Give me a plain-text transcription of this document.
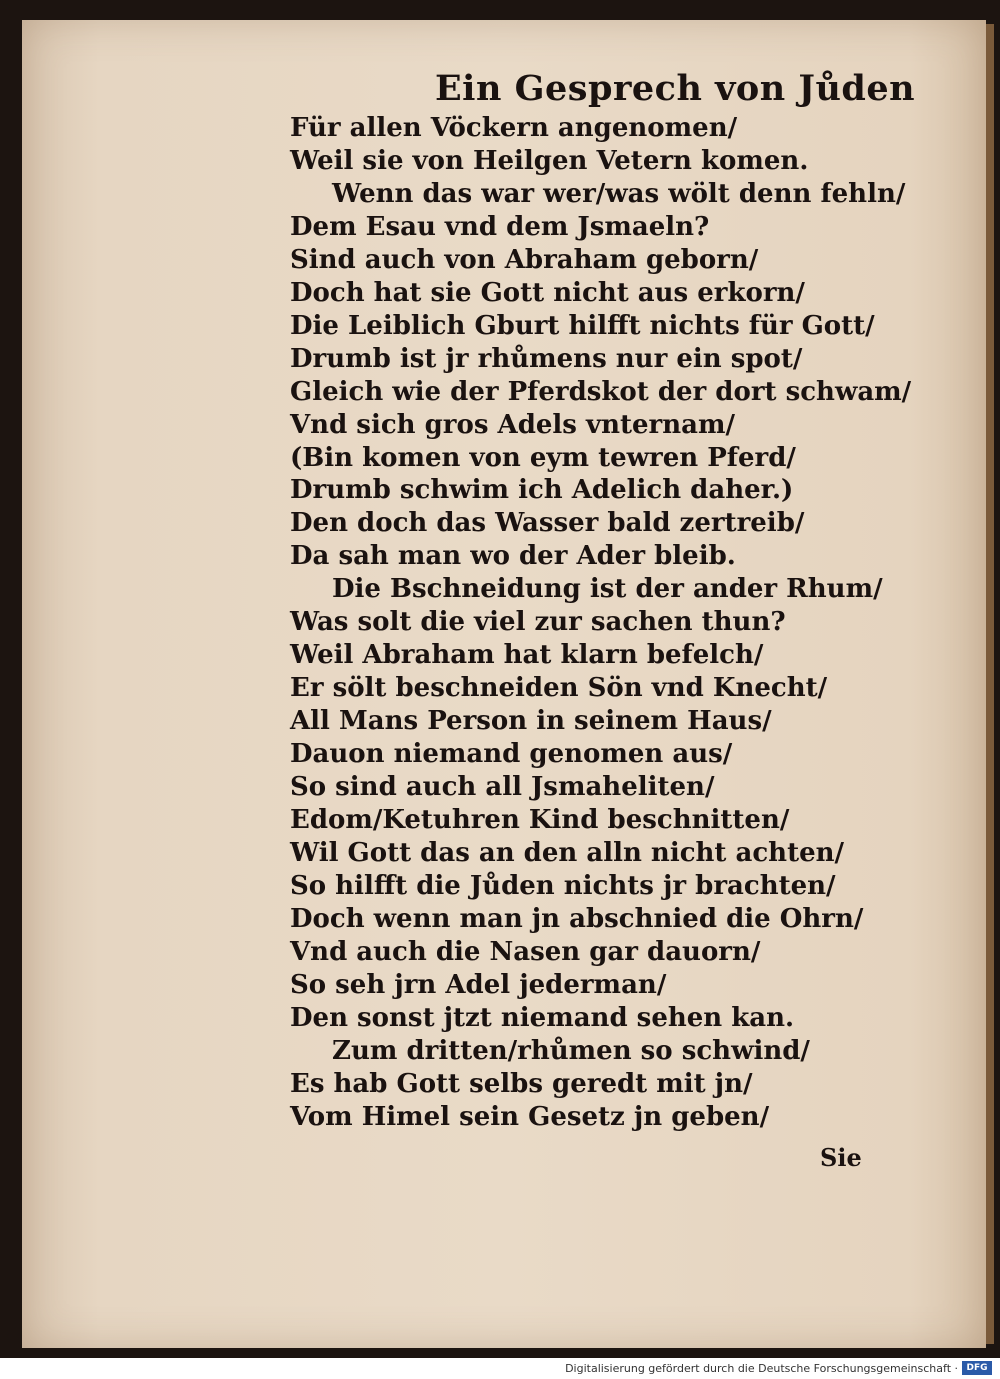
Ein Gesprech von Jůden
Für allen Vöckern angenomen/
Weil sie von Heilgen Vetern komen.
Wenn das war wer/was wölt denn fehln/
Dem Esau vnd dem Jsmaeln?
Sind auch von Abraham geborn/
Doch hat sie Gott nicht aus erkorn/
Die Leiblich Gburt hilfft nichts für Gott/
Drumb ist jr rhůmens nur ein spot/
Gleich wie der Pferdskot der dort schwam/
Vnd sich gros Adels vnternam/
(Bin komen von eym tewren Pferd/
Drumb schwim ich Adelich daher.)
Den doch das Wasser bald zertreib/
Da sah man wo der Ader bleib.
Die Bschneidung ist der ander Rhum/
Was solt die viel zur sachen thun?
Weil Abraham hat klarn befelch/
Er sölt beschneiden Sön vnd Knecht/
All Mans Person in seinem Haus/
Dauon niemand genomen aus/
So sind auch all Jsmaheliten/
Edom/Ketuhren Kind beschnitten/
Wil Gott das an den alln nicht achten/
So hilfft die Jůden nichts jr brachten/
Doch wenn man jn abschnied die Ohrn/
Vnd auch die Nasen gar dauorn/
So seh jrn Adel jederman/
Den sonst jtzt niemand sehen kan.
Zum dritten/rhůmen so schwind/
Es hab Gott selbs geredt mit jn/
Vom Himel sein Gesetz jn geben/
Sie
Digitalisierung gefördert durch die Deutsche Forschungsgemeinschaft · DFG
